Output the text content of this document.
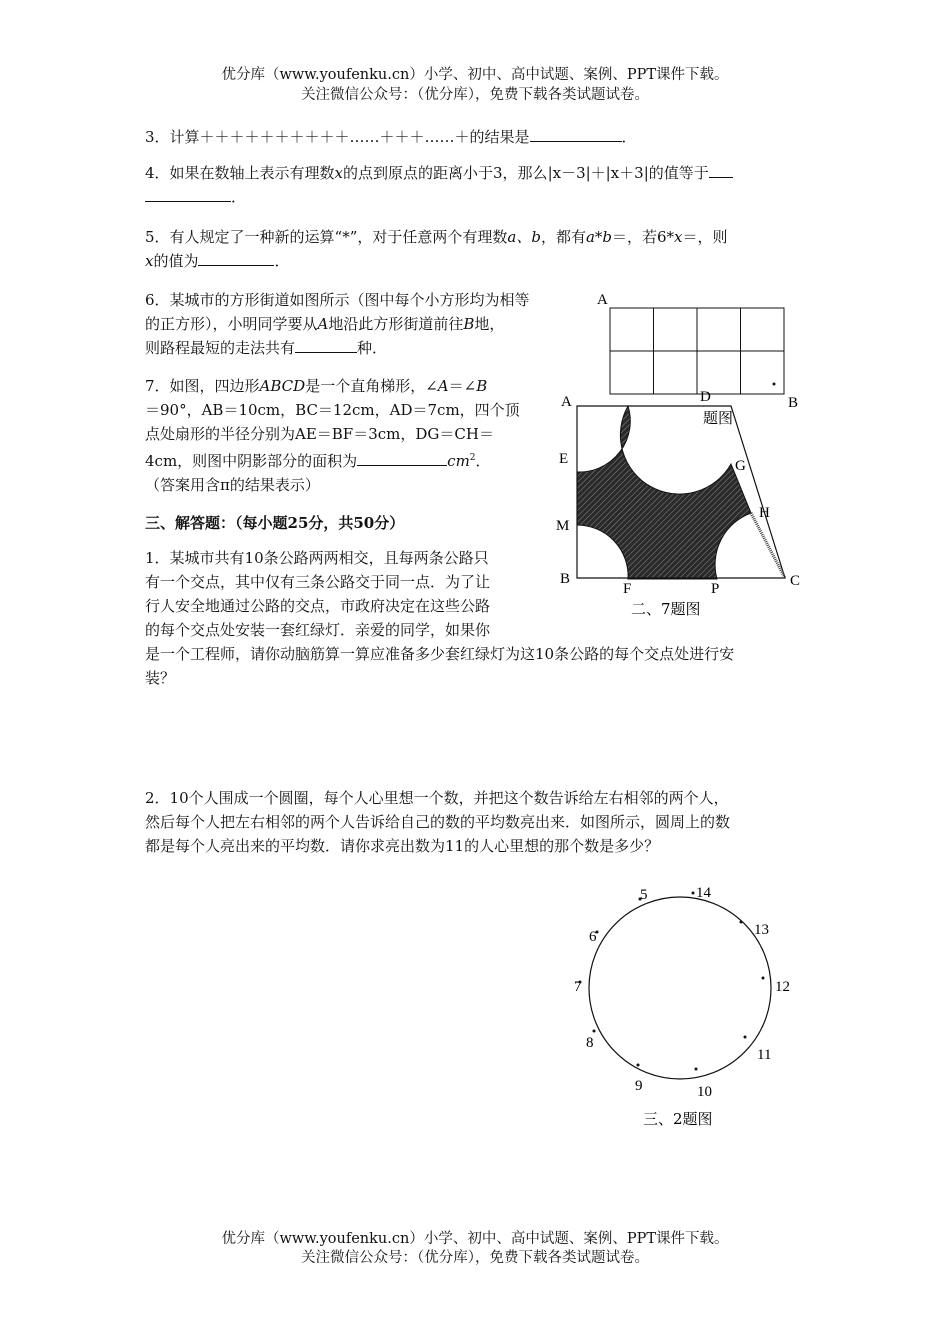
优分库（www.youfenku.cn）小学、初中、高中试题、案例、PPT课件下载。
关注微信公众号：（优分库），免费下载各类试题试卷。
3．计算＋＋＋＋＋＋＋＋＋＋……＋＋＋……＋的结果是	．
4．如果在数轴上表示有理数x的点到原点的距离小于3，那么|x－3|＋|x＋3|的值等于
．
5．有人规定了一种新的运算“*”，对于任意两个有理数a、b，都有a*b＝，若6*x＝，则
x的值为	．
6．某城市的方形街道如图所示（图中每个小方形均为相等
的正方形），小明同学要从A地沿此方形街道前往B地，
则路程最短的走法共有	种．
A
B
D
题图
7．如图，四边形ABCD是一个直角梯形，∠A＝∠B
＝90°，AB＝10cm，BC＝12cm，AD＝7cm，四个顶
点处扇形的半径分别为AE＝BF＝3cm，DG＝CH＝
4cm，则图中阴影部分的面积为	$cm^2$．
（答案用含π的结果表示）
A
E
M
B
F	P	C
H
G
二、7题图
三、解答题：（每小题25分，共50分）
1．某城市共有10条公路两两相交，且每两条公路只
有一个交点，其中仅有三条公路交于同一点．为了让
行人安全地通过公路的交点，市政府决定在这些公路
的每个交点处安装一套红绿灯．亲爱的同学，如果你
是一个工程师，请你动脑筋算一算应准备多少套红绿灯为这10条公路的每个交点处进行安
装？
2．10个人围成一个圆圈，每个人心里想一个数，并把这个数告诉给左右相邻的两个人，
然后每个人把左右相邻的两个人告诉给自己的数的平均数亮出来．如图所示，圆周上的数
都是每个人亮出来的平均数．请你求亮出数为11的人心里想的那个数是多少？
5	14
13
12
11
10
9
8
7
6
三、2题图
优分库（www.youfenku.cn）小学、初中、高中试题、案例、PPT课件下载。
关注微信公众号：（优分库），免费下载各类试题试卷。
